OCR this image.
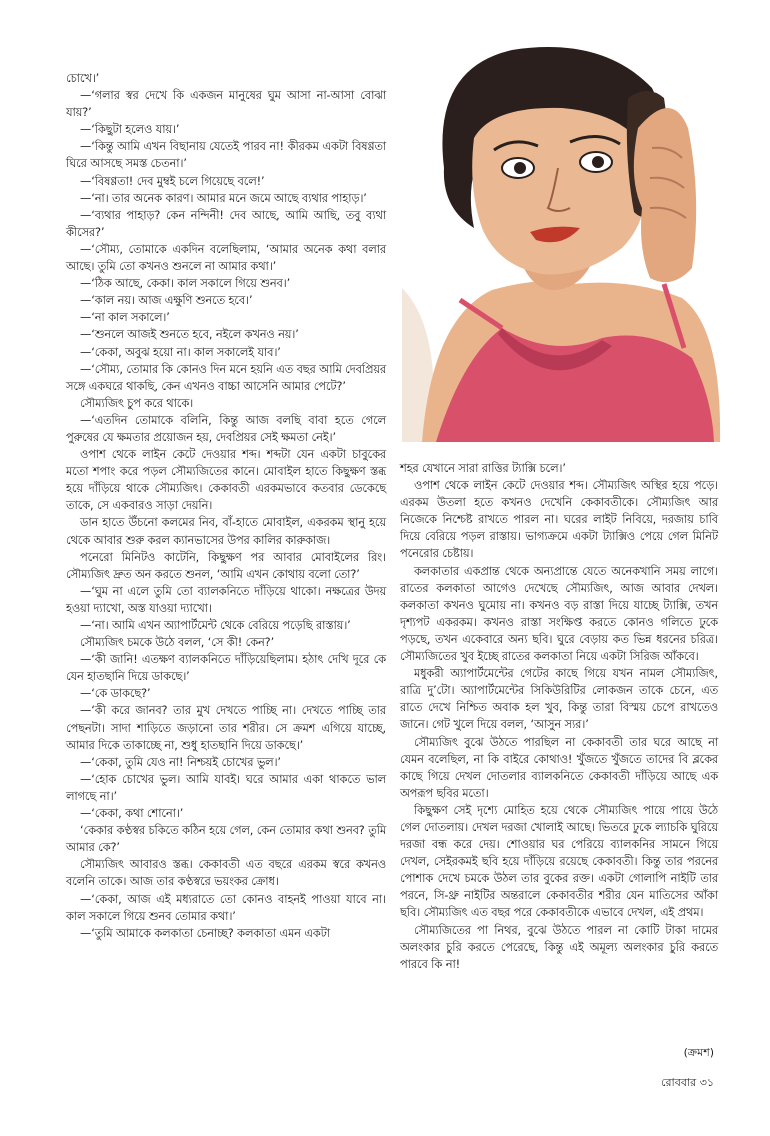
চোখে।’

—‘গলার স্বর দেখে কি একজন মানুষের ঘুম আসা না-আসা বোঝা যায়?’

—‘কিছুটা হলেও যায়।’

—‘কিন্তু আমি এখন বিছানায় যেতেই পারব না! কীরকম একটা বিষণ্ণতা ঘিরে আসছে সমস্ত চেতনা।’

—‘বিষণ্ণতা! দেব মুম্বই চলে গিয়েছে বলে!’

—‘না। তার অনেক কারণ। আমার মনে জমে আছে ব্যথার পাহাড়।’

—‘ব্যথার পাহাড়? কেন নন্দিনী! দেব আছে, আমি আছি, তবু ব্যথা কীসের?’

—‘সৌম্য, তোমাকে একদিন বলেছিলাম, ‘আমার অনেক কথা বলার আছে। তুমি তো কখনও শুনলে না আমার কথা।’

—‘ঠিক আছে, কেকা। কাল সকালে গিয়ে শুনব।’

—‘কাল নয়। আজ এক্ষুণি শুনতে হবে।’

—‘না কাল সকালে।’

—‘শুনলে আজই শুনতে হবে, নইলে কখনও নয়।’

—‘কেকা, অবুঝ হয়ো না। কাল সকালেই যাব।’

—‘সৌম্য, তোমার কি কোনও দিন মনে হয়নি এত বছর আমি দেবপ্রিয়র সঙ্গে একঘরে থাকছি, কেন এখনও বাচ্চা আসেনি আমার পেটে?’

সৌম্যজিৎ চুপ করে থাকে।

—‘এতদিন তোমাকে বলিনি, কিন্তু আজ বলছি বাবা হতে গেলে পুরুষের যে ক্ষমতার প্রয়োজন হয়, দেবপ্রিয়র সেই ক্ষমতা নেই।’

ওপাশ থেকে লাইন কেটে দেওয়ার শব্দ। শব্দটা যেন একটা চাবুকের মতো শপাং করে পড়ল সৌম্যজিতের কানে। মোবাইল হাতে কিছুক্ষণ স্তব্ধ হয়ে দাঁড়িয়ে থাকে সৌম্যজিৎ। কেকাবতী এরকমভাবে কতবার ডেকেছে তাকে, সে একবারও সাড়া দেয়নি।

ডান হাতে উঁচনো কলমের নিব, বাঁ-হাতে মোবাইল, একরকম স্থানু হয়ে থেকে আবার শুরু করল ক্যানভাসের উপর কালির কারুকাজ।

পনেরো মিনিটও কাটেনি, কিছুক্ষণ পর আবার মোবাইলের রিং। সৌম্যজিৎ দ্রুত অন করতে শুনল, ‘আমি এখন কোথায় বলো তো?’

—‘ঘুম না এলে তুমি তো ব্যালকনিতে দাঁড়িয়ে থাকো। নক্ষত্রের উদয় হওয়া দ্যাখো, অস্ত যাওয়া দ্যাখো।

—‘না। আমি এখন অ্যাপার্টমেন্ট থেকে বেরিয়ে পড়েছি রাস্তায়।’

সৌম্যজিৎ চমকে উঠে বলল, ‘সে কী! কেন?’

—‘কী জানি! এতক্ষণ ব্যালকনিতে দাঁড়িয়েছিলাম। হঠাৎ দেখি দূরে কে যেন হাতছানি দিয়ে ডাকছে।’

—‘কে ডাকছে?’

—‘কী করে জানব? তার মুখ দেখতে পাচ্ছি না। দেখতে পাচ্ছি তার পেছনটা। সাদা শাড়িতে জড়ানো তার শরীর। সে ক্রমশ এগিয়ে যাচ্ছে, আমার দিকে তাকাচ্ছে না, শুধু হাতছানি দিয়ে ডাকছে।’

—‘কেকা, তুমি যেও না! নিশ্চয়ই চোখের ভুল।’

—‘হোক চোখের ভুল। আমি যাবই। ঘরে আমার একা থাকতে ভাল লাগছে না।’

—‘কেকা, কথা শোনো।’

‘কেকার কণ্ঠস্বর চকিতে কঠিন হয়ে গেল, কেন তোমার কথা শুনব? তুমি আমার কে?’

সৌম্যজিৎ আবারও স্তব্ধ। কেকাবতী এত বছরে এরকম স্বরে কখনও বলেনি তাকে। আজ তার কণ্ঠস্বরে ভয়ংকর ক্রোধ।

—‘কেকা, আজ এই মধ্যরাতে তো কোনও বাহনই পাওয়া যাবে না। কাল সকালে গিয়ে শুনব তোমার কথা।’

—‘তুমি আমাকে কলকাতা চেনাচ্ছ? কলকাতা এমন একটা

শহর যেখানে সারা রাত্তির ট্যাক্সি চলে।’

ওপাশ থেকে লাইন কেটে দেওয়ার শব্দ। সৌম্যজিৎ অস্থির হয়ে পড়ে। এরকম উতলা হতে কখনও দেখেনি কেকাবতীকে। সৌম্যজিৎ আর নিজেকে নিশ্চেষ্ট রাখতে পারল না। ঘরের লাইট নিবিয়ে, দরজায় চাবি দিয়ে বেরিয়ে পড়ল রাস্তায়। ভাগ্যক্রমে একটা ট্যাক্সিও পেয়ে গেল মিনিট পনেরোর চেষ্টায়।

কলকাতার একপ্রান্ত থেকে অন্যপ্রান্তে যেতে অনেকখানি সময় লাগে। রাতের কলকাতা আগেও দেখেছে সৌম্যজিৎ, আজ আবার দেখল। কলকাতা কখনও ঘুমোয় না। কখনও বড় রাস্তা দিয়ে যাচ্ছে ট্যাক্সি, তখন দৃশ্যপট একরকম। কখনও রাস্তা সংক্ষিপ্ত করতে কোনও গলিতে ঢুকে পড়ছে, তখন একেবারে অন্য ছবি। ঘুরে বেড়ায় কত ভিন্ন ধরনের চরিত্র। সৌম্যজিতের খুব ইচ্ছে রাতের কলকাতা নিয়ে একটা সিরিজ আঁকবে।

মধুকরী অ্যাপার্টমেন্টের গেটের কাছে গিয়ে যখন নামল সৌম্যজিৎ, রাত্রি দু’টো। অ্যাপার্টমেন্টের সিকিউরিটির লোকজন তাকে চেনে, এত রাতে দেখে নিশ্চিত অবাক হল খুব, কিন্তু তারা বিস্ময় চেপে রাখতেও জানে। গেট খুলে দিয়ে বলল, ‘আসুন স্যর।’

সৌম্যজিৎ বুঝে উঠতে পারছিল না কেকাবতী তার ঘরে আছে না যেমন বলেছিল, না কি বাইরে কোথাও! খুঁজতে খুঁজতে তাদের বি ব্লকের কাছে গিয়ে দেখল দোতলার ব্যালকনিতে কেকাবতী দাঁড়িয়ে আছে এক অপরূপ ছবির মতো।

কিছুক্ষণ সেই দৃশ্যে মোহিত হয়ে থেকে সৌম্যজিৎ পায়ে পায়ে উঠে গেল দোতলায়। দেখল দরজা খোলাই আছে। ভিতরে ঢুকে ল্যাচকি ঘুরিয়ে দরজা বন্ধ করে দেয়। শোওয়ার ঘর পেরিয়ে ব্যালকনির সামনে গিয়ে দেখল, সেইরকমই ছবি হয়ে দাঁড়িয়ে রয়েছে কেকাবতী। কিন্তু তার পরনের পোশাক দেখে চমকে উঠল তার বুকের রক্ত। একটা গোলাপি নাইটি তার পরনে, সি-থ্রু নাইটির অন্তরালে কেকাবতীর শরীর যেন মাতিসের আঁকা ছবি। সৌম্যজিৎ এত বছর পরে কেকাবতীকে এভাবে দেখল, এই প্রথম।

সৌম্যজিতের পা নিথর, বুঝে উঠতে পারল না কোটি টাকা দামের অলংকার চুরি করতে পেরেছে, কিন্তু এই অমূল্য অলংকার চুরি করতে পারবে কি না!

(ক্রমশ)
রোববার ৩১
